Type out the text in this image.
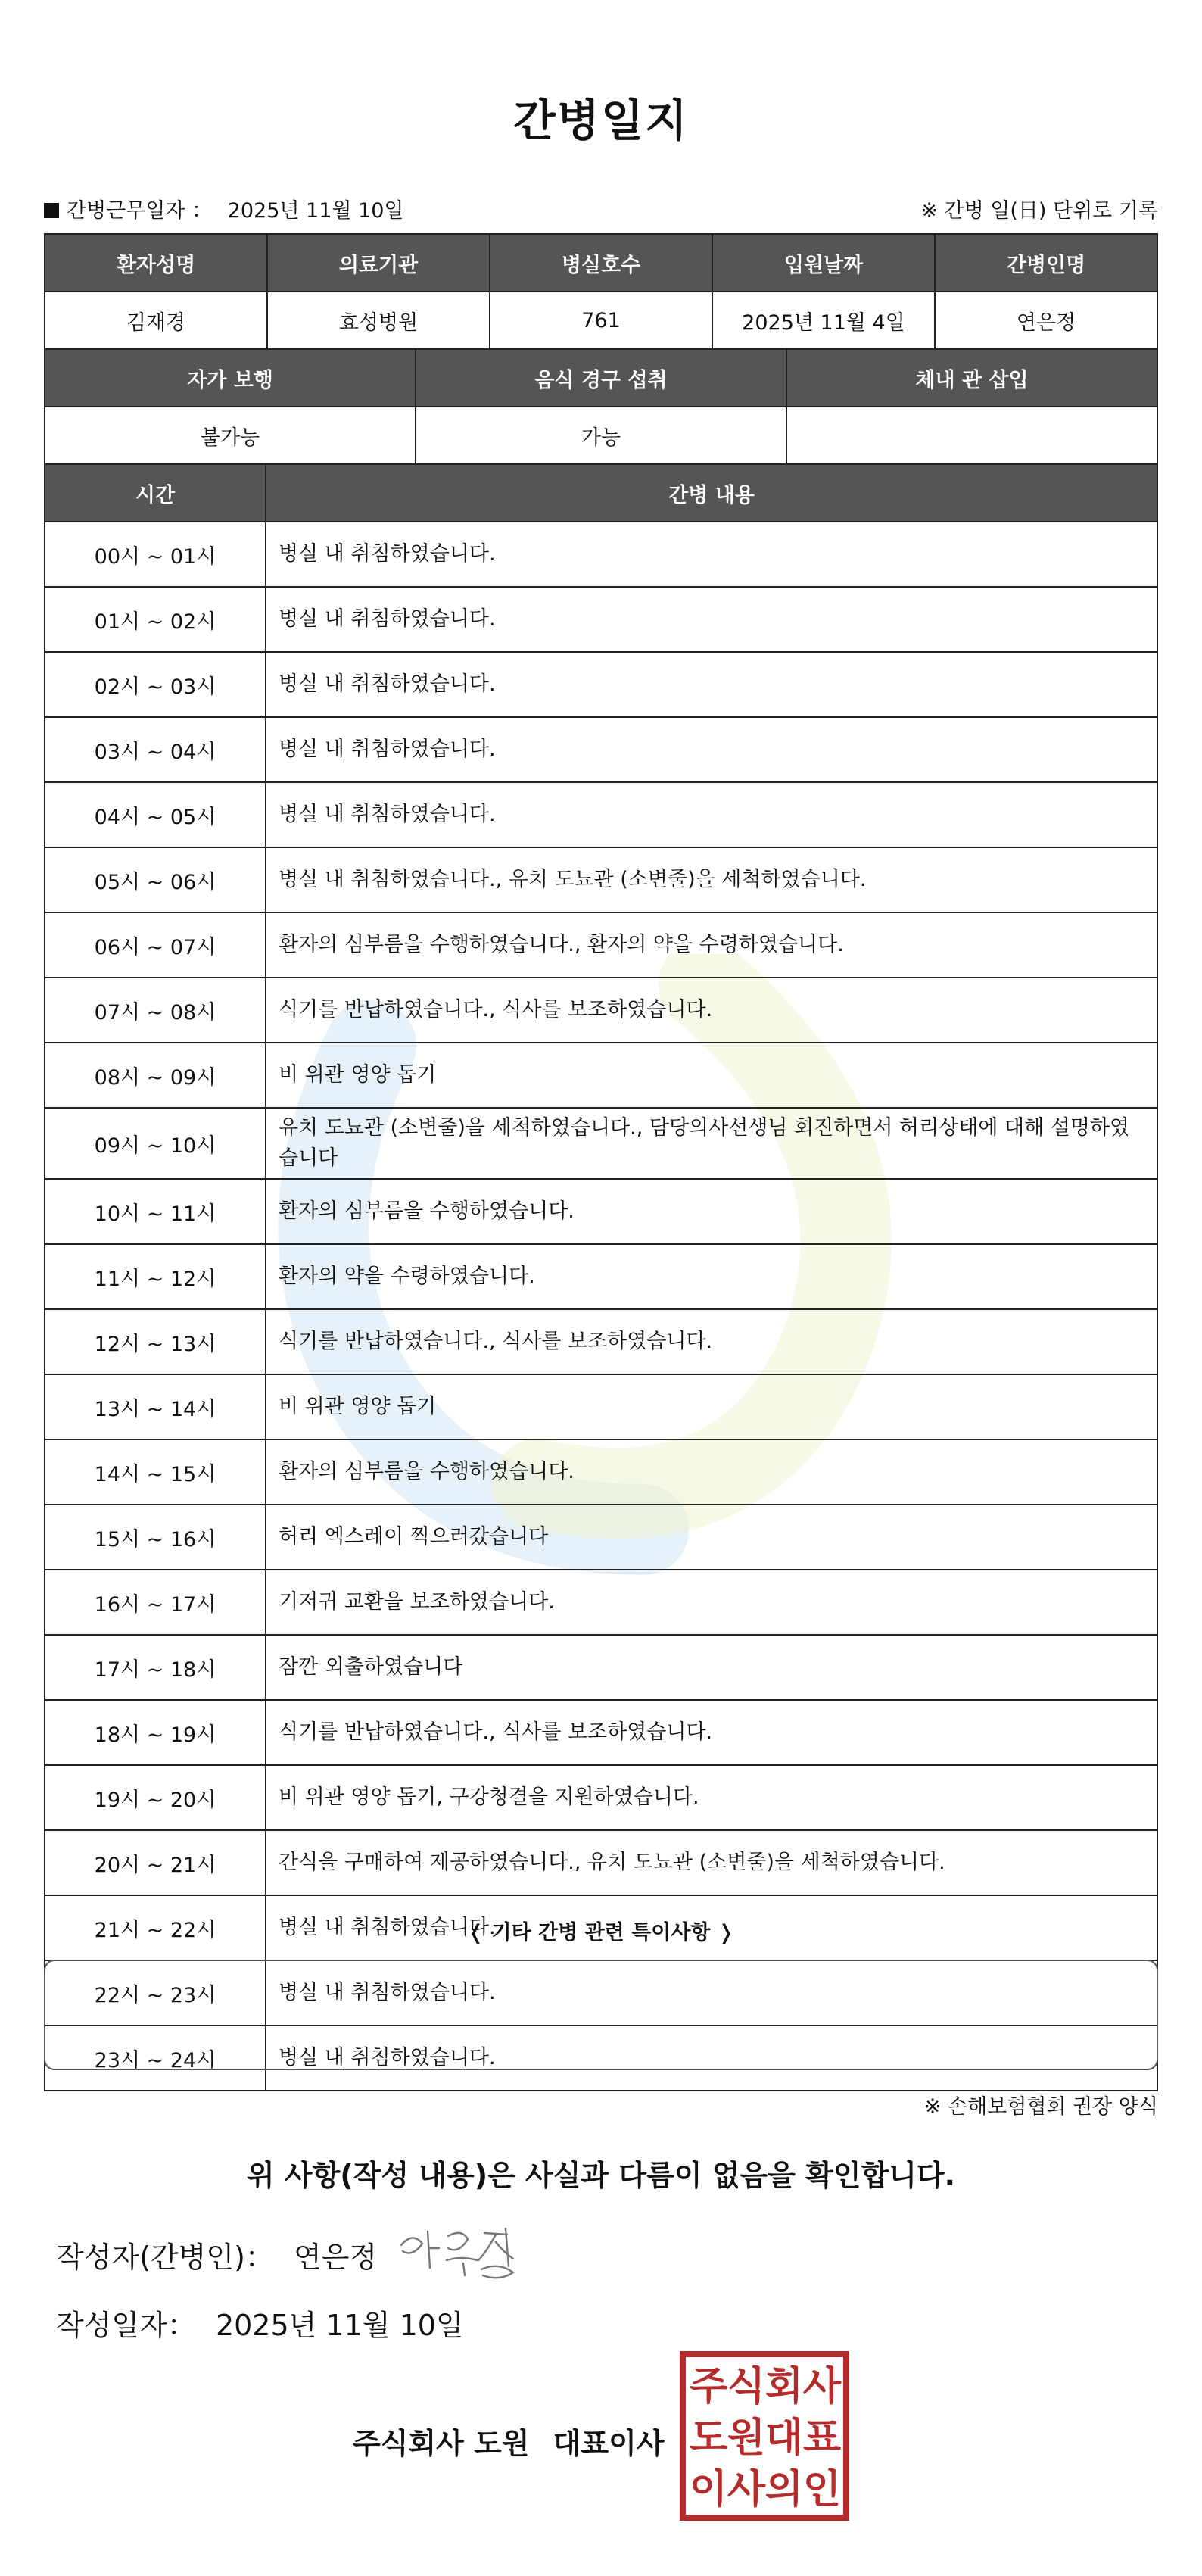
간병일지
간병근무일자 ： 2025년 11월 10일	※ 간병 일(日) 단위로 기록
환자성명	의료기관	병실호수	입원날짜	간병인명
김재경	효성병원	761	2025년 11월 4일	연은정
자가 보행	음식 경구 섭취	체내 관 삽입
불가능	가능	
시간	간병 내용
00시 ~ 01시	병실 내 취침하였습니다.
01시 ~ 02시	병실 내 취침하였습니다.
02시 ~ 03시	병실 내 취침하였습니다.
03시 ~ 04시	병실 내 취침하였습니다.
04시 ~ 05시	병실 내 취침하였습니다.
05시 ~ 06시	병실 내 취침하였습니다., 유치 도뇨관 (소변줄)을 세척하였습니다.
06시 ~ 07시	환자의 심부름을 수행하였습니다., 환자의 약을 수령하였습니다.
07시 ~ 08시	식기를 반납하였습니다., 식사를 보조하였습니다.
08시 ~ 09시	비 위관 영양 돕기
09시 ~ 10시	유치 도뇨관 (소변줄)을 세척하였습니다., 담당의사선생님 회진하면서 허리상태에 대해 설명하였습니다
10시 ~ 11시	환자의 심부름을 수행하였습니다.
11시 ~ 12시	환자의 약을 수령하였습니다.
12시 ~ 13시	식기를 반납하였습니다., 식사를 보조하였습니다.
13시 ~ 14시	비 위관 영양 돕기
14시 ~ 15시	환자의 심부름을 수행하였습니다.
15시 ~ 16시	허리 엑스레이 찍으러갔습니다
16시 ~ 17시	기저귀 교환을 보조하였습니다.
17시 ~ 18시	잠깐 외출하였습니다
18시 ~ 19시	식기를 반납하였습니다., 식사를 보조하였습니다.
19시 ~ 20시	비 위관 영양 돕기, 구강청결을 지원하였습니다.
20시 ~ 21시	간식을 구매하여 제공하였습니다., 유치 도뇨관 (소변줄)을 세척하였습니다.
21시 ~ 22시	병실 내 취침하였습니다.
22시 ~ 23시	병실 내 취침하였습니다.
23시 ~ 24시	병실 내 취침하였습니다.
❬ 기타 간병 관련 특이사항 ❭
※ 손해보험협회 권장 양식
위 사항(작성 내용)은 사실과 다름이 없음을 확인합니다.
작성자(간병인)： 연은정
작성일자： 2025년 11월 10일
주식회사 도원 대표이사
주 식 회 사
도 원 대 표
이 사 의 인
